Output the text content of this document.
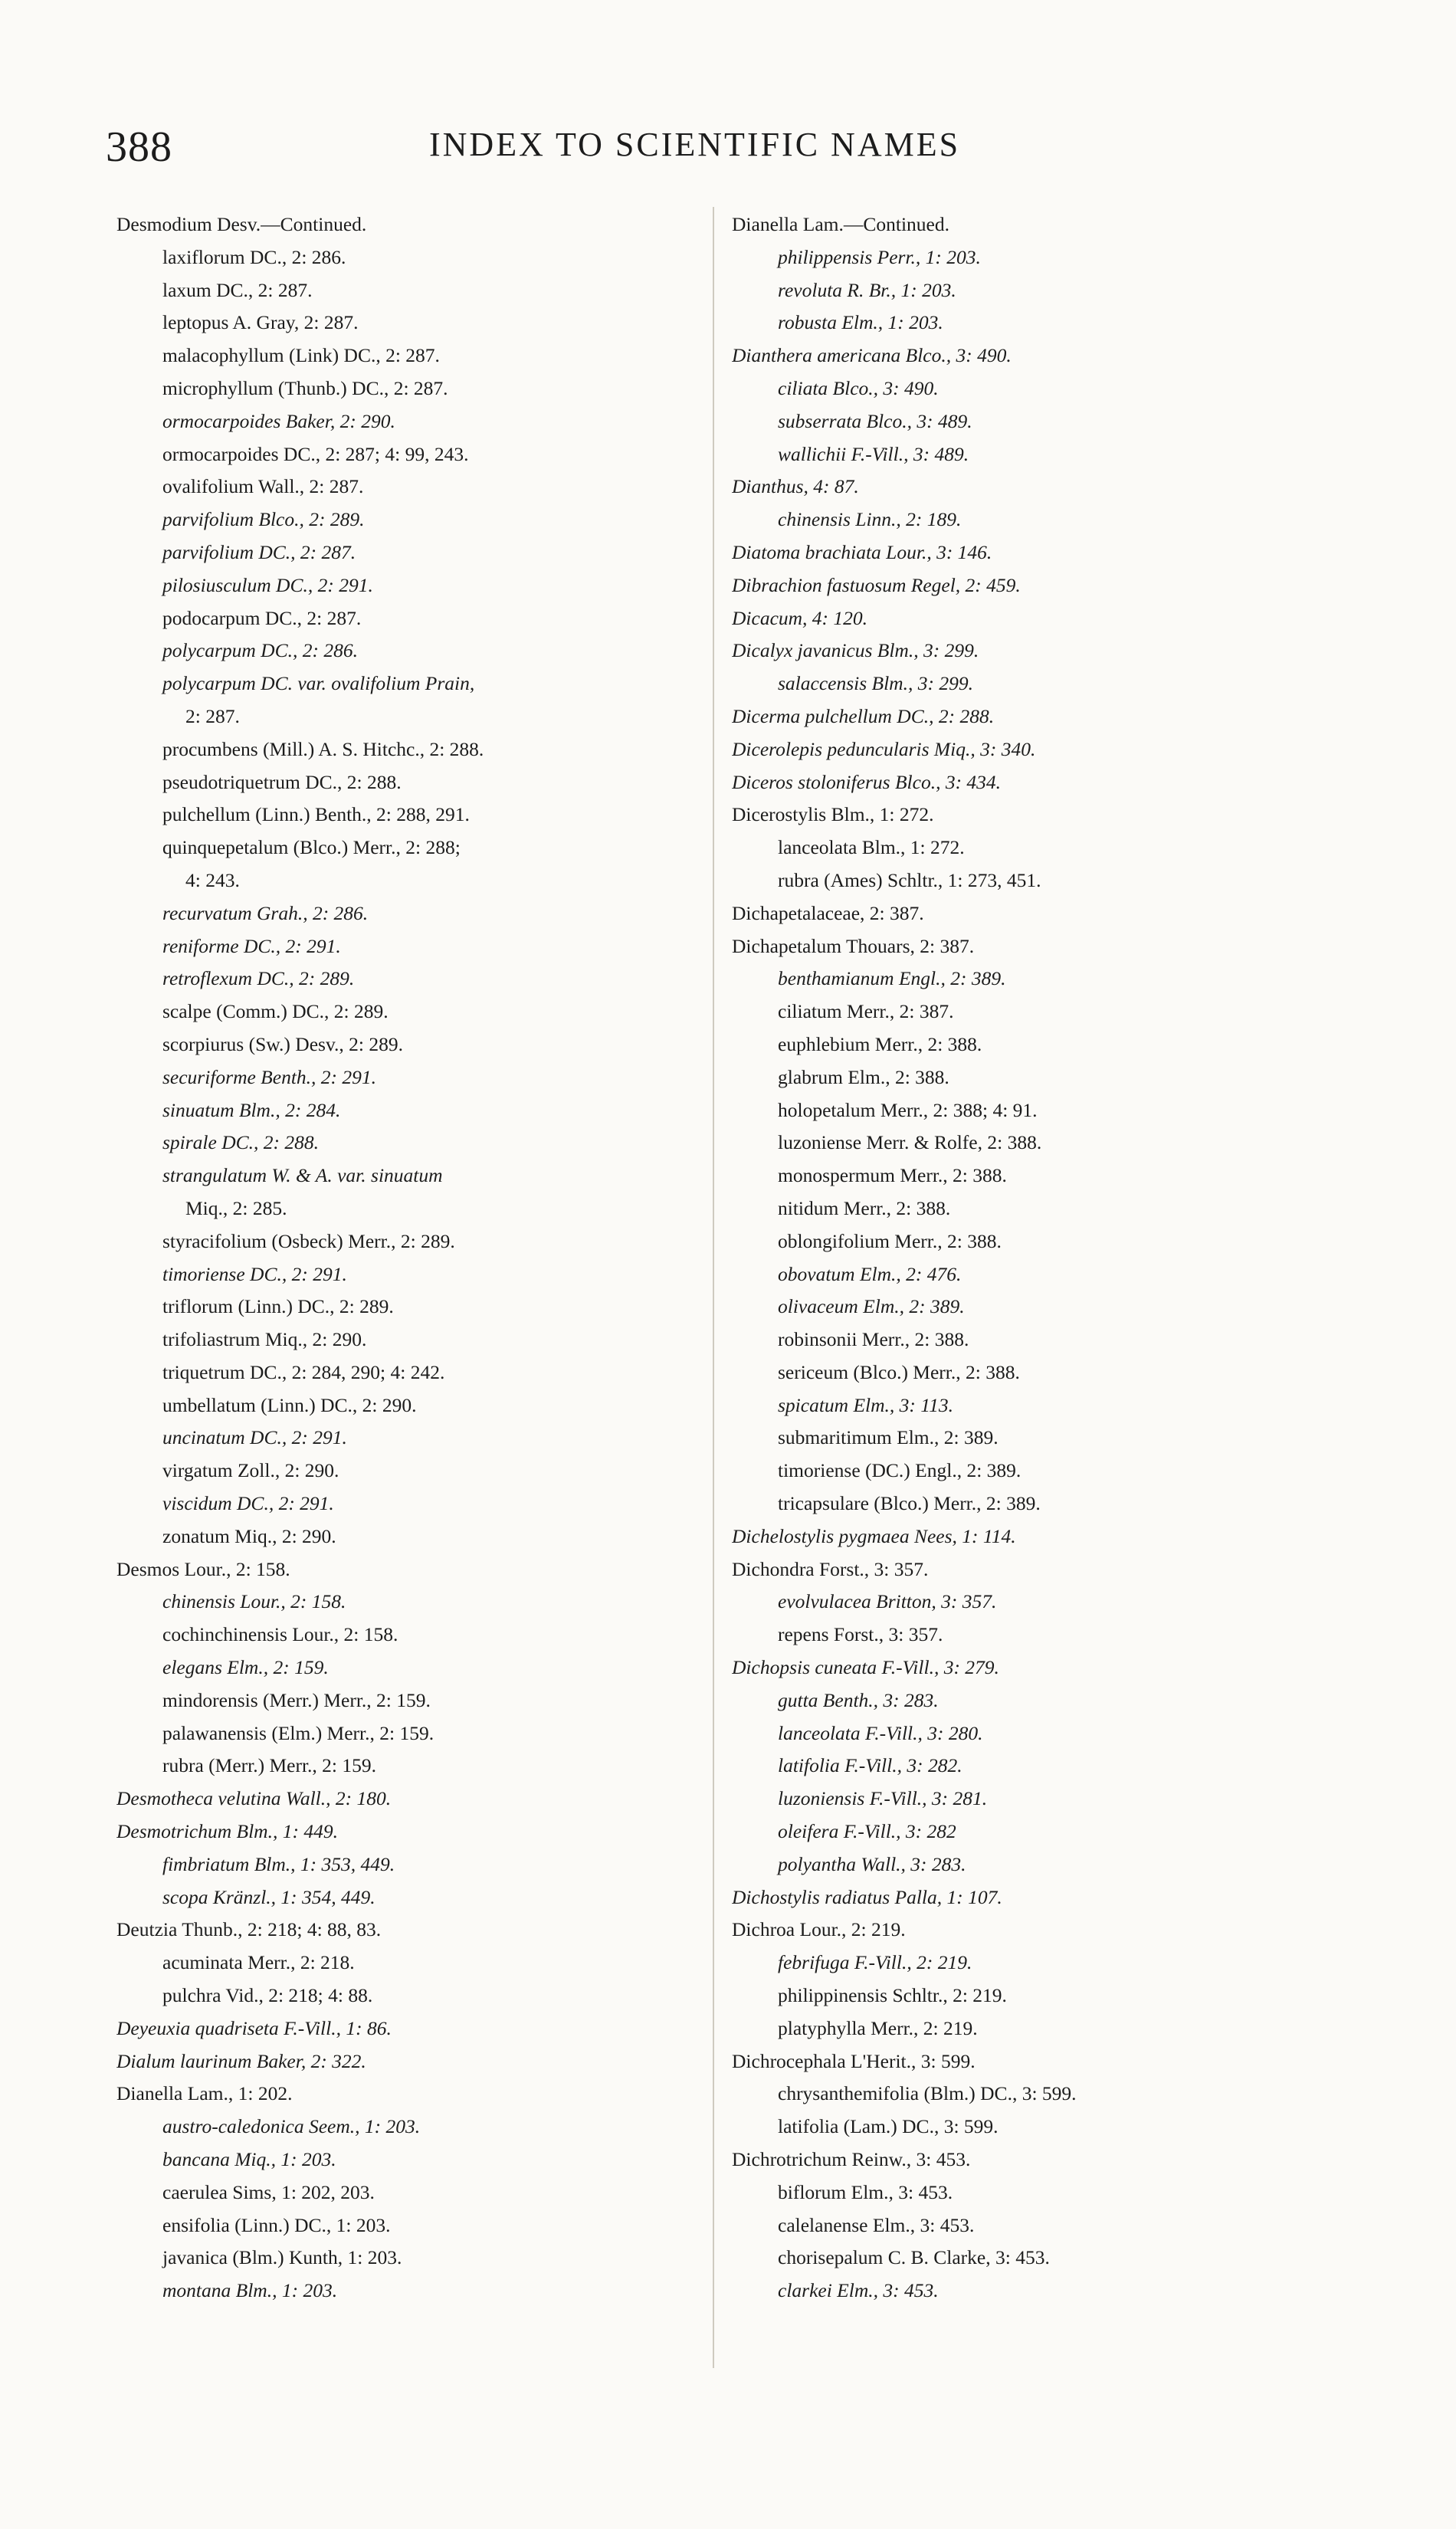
388	INDEX TO SCIENTIFIC NAMES
Desmodium Desv.—Continued.
laxiflorum DC., 2: 286.
laxum DC., 2: 287.
leptopus A. Gray, 2: 287.
malacophyllum (Link) DC., 2: 287.
microphyllum (Thunb.) DC., 2: 287.
ormocarpoides Baker, 2: 290.
ormocarpoides DC., 2: 287; 4: 99, 243.
ovalifolium Wall., 2: 287.
parvifolium Blco., 2: 289.
parvifolium DC., 2: 287.
pilosiusculum DC., 2: 291.
podocarpum DC., 2: 287.
polycarpum DC., 2: 286.
polycarpum DC. var. ovalifolium Prain,
2: 287.
procumbens (Mill.) A. S. Hitchc., 2: 288.
pseudotriquetrum DC., 2: 288.
pulchellum (Linn.) Benth., 2: 288, 291.
quinquepetalum (Blco.) Merr., 2: 288;
4: 243.
recurvatum Grah., 2: 286.
reniforme DC., 2: 291.
retroflexum DC., 2: 289.
scalpe (Comm.) DC., 2: 289.
scorpiurus (Sw.) Desv., 2: 289.
securiforme Benth., 2: 291.
sinuatum Blm., 2: 284.
spirale DC., 2: 288.
strangulatum W. & A. var. sinuatum
Miq., 2: 285.
styracifolium (Osbeck) Merr., 2: 289.
timoriense DC., 2: 291.
triflorum (Linn.) DC., 2: 289.
trifoliastrum Miq., 2: 290.
triquetrum DC., 2: 284, 290; 4: 242.
umbellatum (Linn.) DC., 2: 290.
uncinatum DC., 2: 291.
virgatum Zoll., 2: 290.
viscidum DC., 2: 291.
zonatum Miq., 2: 290.
Desmos Lour., 2: 158.
chinensis Lour., 2: 158.
cochinchinensis Lour., 2: 158.
elegans Elm., 2: 159.
mindorensis (Merr.) Merr., 2: 159.
palawanensis (Elm.) Merr., 2: 159.
rubra (Merr.) Merr., 2: 159.
Desmotheca velutina Wall., 2: 180.
Desmotrichum Blm., 1: 449.
fimbriatum Blm., 1: 353, 449.
scopa Kränzl., 1: 354, 449.
Deutzia Thunb., 2: 218; 4: 88, 83.
acuminata Merr., 2: 218.
pulchra Vid., 2: 218; 4: 88.
Deyeuxia quadriseta F.-Vill., 1: 86.
Dialum laurinum Baker, 2: 322.
Dianella Lam., 1: 202.
austro-caledonica Seem., 1: 203.
bancana Miq., 1: 203.
caerulea Sims, 1: 202, 203.
ensifolia (Linn.) DC., 1: 203.
javanica (Blm.) Kunth, 1: 203.
montana Blm., 1: 203.
Dianella Lam.—Continued.
philippensis Perr., 1: 203.
revoluta R. Br., 1: 203.
robusta Elm., 1: 203.
Dianthera americana Blco., 3: 490.
ciliata Blco., 3: 490.
subserrata Blco., 3: 489.
wallichii F.-Vill., 3: 489.
Dianthus, 4: 87.
chinensis Linn., 2: 189.
Diatoma brachiata Lour., 3: 146.
Dibrachion fastuosum Regel, 2: 459.
Dicacum, 4: 120.
Dicalyx javanicus Blm., 3: 299.
salaccensis Blm., 3: 299.
Dicerma pulchellum DC., 2: 288.
Dicerolepis peduncularis Miq., 3: 340.
Diceros stoloniferus Blco., 3: 434.
Dicerostylis Blm., 1: 272.
lanceolata Blm., 1: 272.
rubra (Ames) Schltr., 1: 273, 451.
Dichapetalaceae, 2: 387.
Dichapetalum Thouars, 2: 387.
benthamianum Engl., 2: 389.
ciliatum Merr., 2: 387.
euphlebium Merr., 2: 388.
glabrum Elm., 2: 388.
holopetalum Merr., 2: 388; 4: 91.
luzoniense Merr. & Rolfe, 2: 388.
monospermum Merr., 2: 388.
nitidum Merr., 2: 388.
oblongifolium Merr., 2: 388.
obovatum Elm., 2: 476.
olivaceum Elm., 2: 389.
robinsonii Merr., 2: 388.
sericeum (Blco.) Merr., 2: 388.
spicatum Elm., 3: 113.
submaritimum Elm., 2: 389.
timoriense (DC.) Engl., 2: 389.
tricapsulare (Blco.) Merr., 2: 389.
Dichelostylis pygmaea Nees, 1: 114.
Dichondra Forst., 3: 357.
evolvulacea Britton, 3: 357.
repens Forst., 3: 357.
Dichopsis cuneata F.-Vill., 3: 279.
gutta Benth., 3: 283.
lanceolata F.-Vill., 3: 280.
latifolia F.-Vill., 3: 282.
luzoniensis F.-Vill., 3: 281.
oleifera F.-Vill., 3: 282
polyantha Wall., 3: 283.
Dichostylis radiatus Palla, 1: 107.
Dichroa Lour., 2: 219.
febrifuga F.-Vill., 2: 219.
philippinensis Schltr., 2: 219.
platyphylla Merr., 2: 219.
Dichrocephala L'Herit., 3: 599.
chrysanthemifolia (Blm.) DC., 3: 599.
latifolia (Lam.) DC., 3: 599.
Dichrotrichum Reinw., 3: 453.
biflorum Elm., 3: 453.
calelanense Elm., 3: 453.
chorisepalum C. B. Clarke, 3: 453.
clarkei Elm., 3: 453.
